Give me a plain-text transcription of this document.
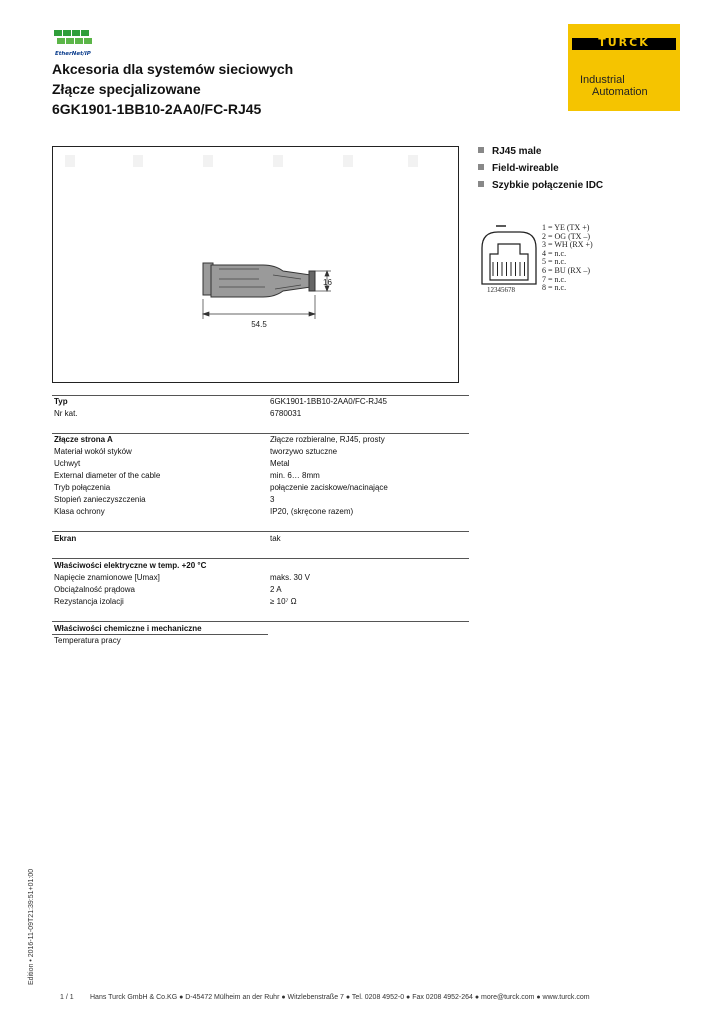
EtherNet/IP
TURCK
Industrial
Automation
Akcesoria dla systemów sieciowych
Złącze specjalizowane
6GK1901-1BB10-2AA0/FC-RJ45
54.5
16
RJ45 male
Field-wireable
Szybkie połączenie IDC
12345678
1 = YE (TX +)
2 = OG (TX –)
3 = WH (RX +)
4 = n.c.
5 = n.c.
6 = BU (RX –)
7 = n.c.
8 = n.c.
Typ	6GK1901-1BB10-2AA0/FC-RJ45
Nr kat.	6780031
Złącze strona A	Złącze rozbieralne, RJ45, prosty
Materiał wokół styków	tworzywo sztuczne
Uchwyt	Metal
External diameter of the cable	min. 6… 8mm
Tryb połączenia	połączenie zaciskowe/nacinające
Stopień zanieczyszczenia	3
Klasa ochrony	IP20, (skręcone razem)
Ekran	tak
Właściwości elektryczne w temp. +20 °C
Napięcie znamionowe [Umax]	maks. 30 V
Obciążalność prądowa	2 A
Rezystancja izolacji	≥ 10⁷ Ω
Właściwości chemiczne i mechaniczne
Temperatura pracy
Edition • 2016-11-09T21:39:51+01:00
1 / 1 Hans Turck GmbH & Co.KG ● D-45472 Mülheim an der Ruhr ● Witzlebenstraße 7 ● Tel. 0208 4952-0 ● Fax 0208 4952-264 ● more@turck.com ● www.turck.com
